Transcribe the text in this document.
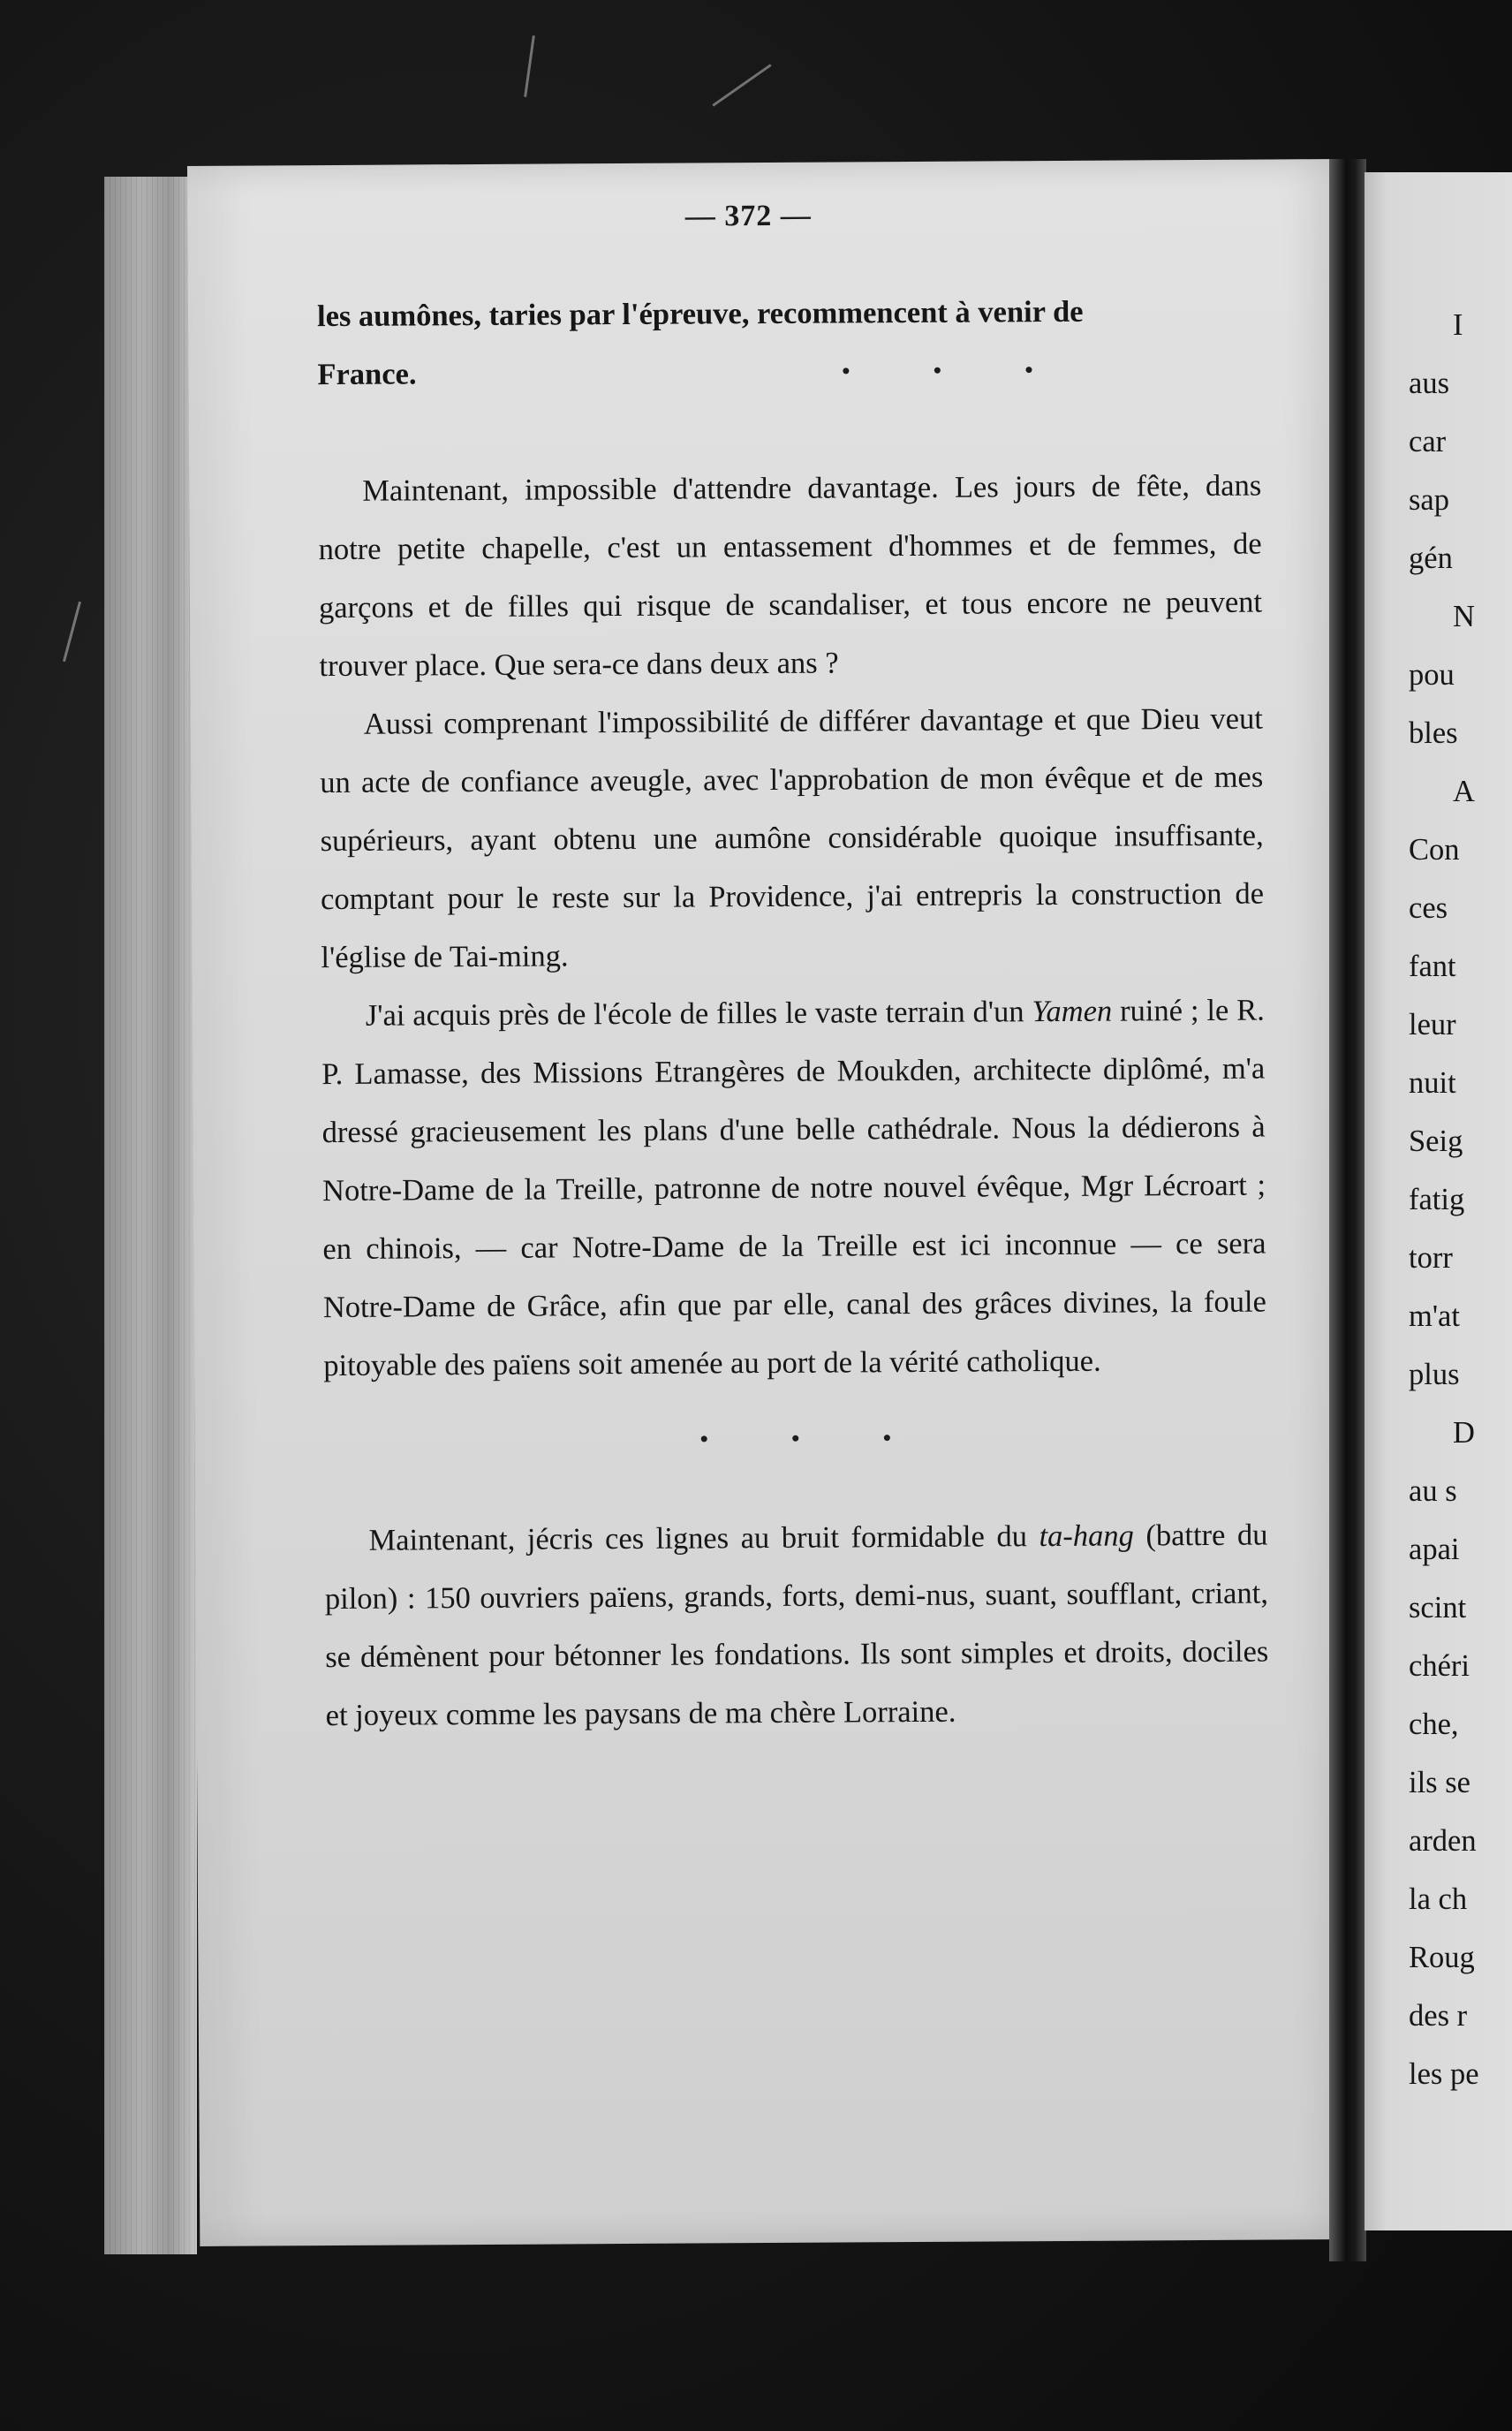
— 372 —

les aumônes, taries par l'épreuve, recommencent à venir de

France.	• • •

Maintenant, impossible d'attendre davantage. Les jours de fête, dans notre petite chapelle, c'est un entassement d'hommes et de femmes, de garçons et de filles qui risque de scandaliser, et tous encore ne peuvent trouver place. Que sera-ce dans deux ans ?

Aussi comprenant l'impossibilité de différer davantage et que Dieu veut un acte de confiance aveugle, avec l'approbation de mon évêque et de mes supérieurs, ayant obtenu une aumône considérable quoique insuffisante, comptant pour le reste sur la Providence, j'ai entrepris la construction de l'église de Tai-ming.

J'ai acquis près de l'école de filles le vaste terrain d'un Yamen ruiné ; le R. P. Lamasse, des Missions Etrangères de Moukden, architecte diplômé, m'a dressé gracieusement les plans d'une belle cathédrale. Nous la dédierons à Notre-Dame de la Treille, patronne de notre nouvel évêque, Mgr Lécroart ; en chinois, — car Notre-Dame de la Treille est ici inconnue — ce sera Notre-Dame de Grâce, afin que par elle, canal des grâces divines, la foule pitoyable des païens soit amenée au port de la vérité catholique.

• • •

Maintenant, jécris ces lignes au bruit formidable du ta-hang (battre du pilon) : 150 ouvriers païens, grands, forts, demi-nus, suant, soufflant, criant, se démènent pour bétonner les fondations. Ils sont simples et droits, dociles et joyeux comme les paysans de ma chère Lorraine.

I
aus
car
sap
gén
N
pou
bles
A
Con
ces
fant
leur
nuit
Seig
fatig
torr
m'at
plus
D
au s
apai
scint
chéri
che,
ils se
arden
la ch
Roug
des r
les pe
